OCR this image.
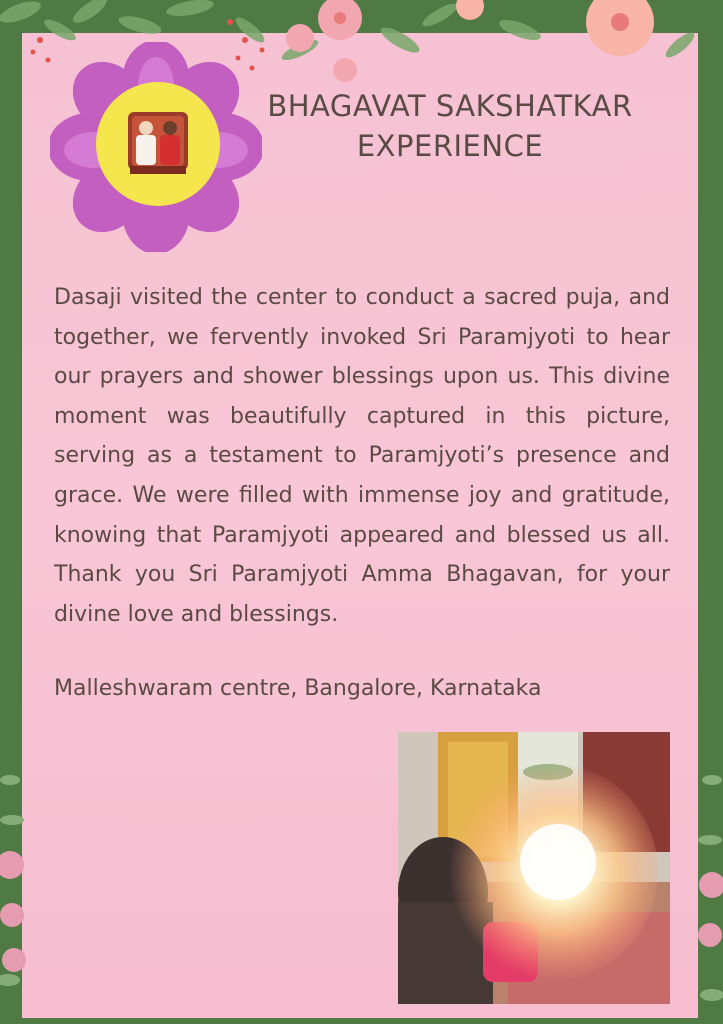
BHAGAVAT SAKSHATKAR
EXPERIENCE
Dasaji visited the center to conduct a sacred puja, and together, we fervently invoked Sri Paramjyoti to hear our prayers and shower blessings upon us. This divine moment was beautifully captured in this picture, serving as a testament to Paramjyoti’s presence and grace. We were filled with immense joy and gratitude, knowing that Paramjyoti appeared and blessed us all. Thank you Sri Paramjyoti Amma Bhagavan, for your divine love and blessings.
Malleshwaram centre, Bangalore, Karnataka
